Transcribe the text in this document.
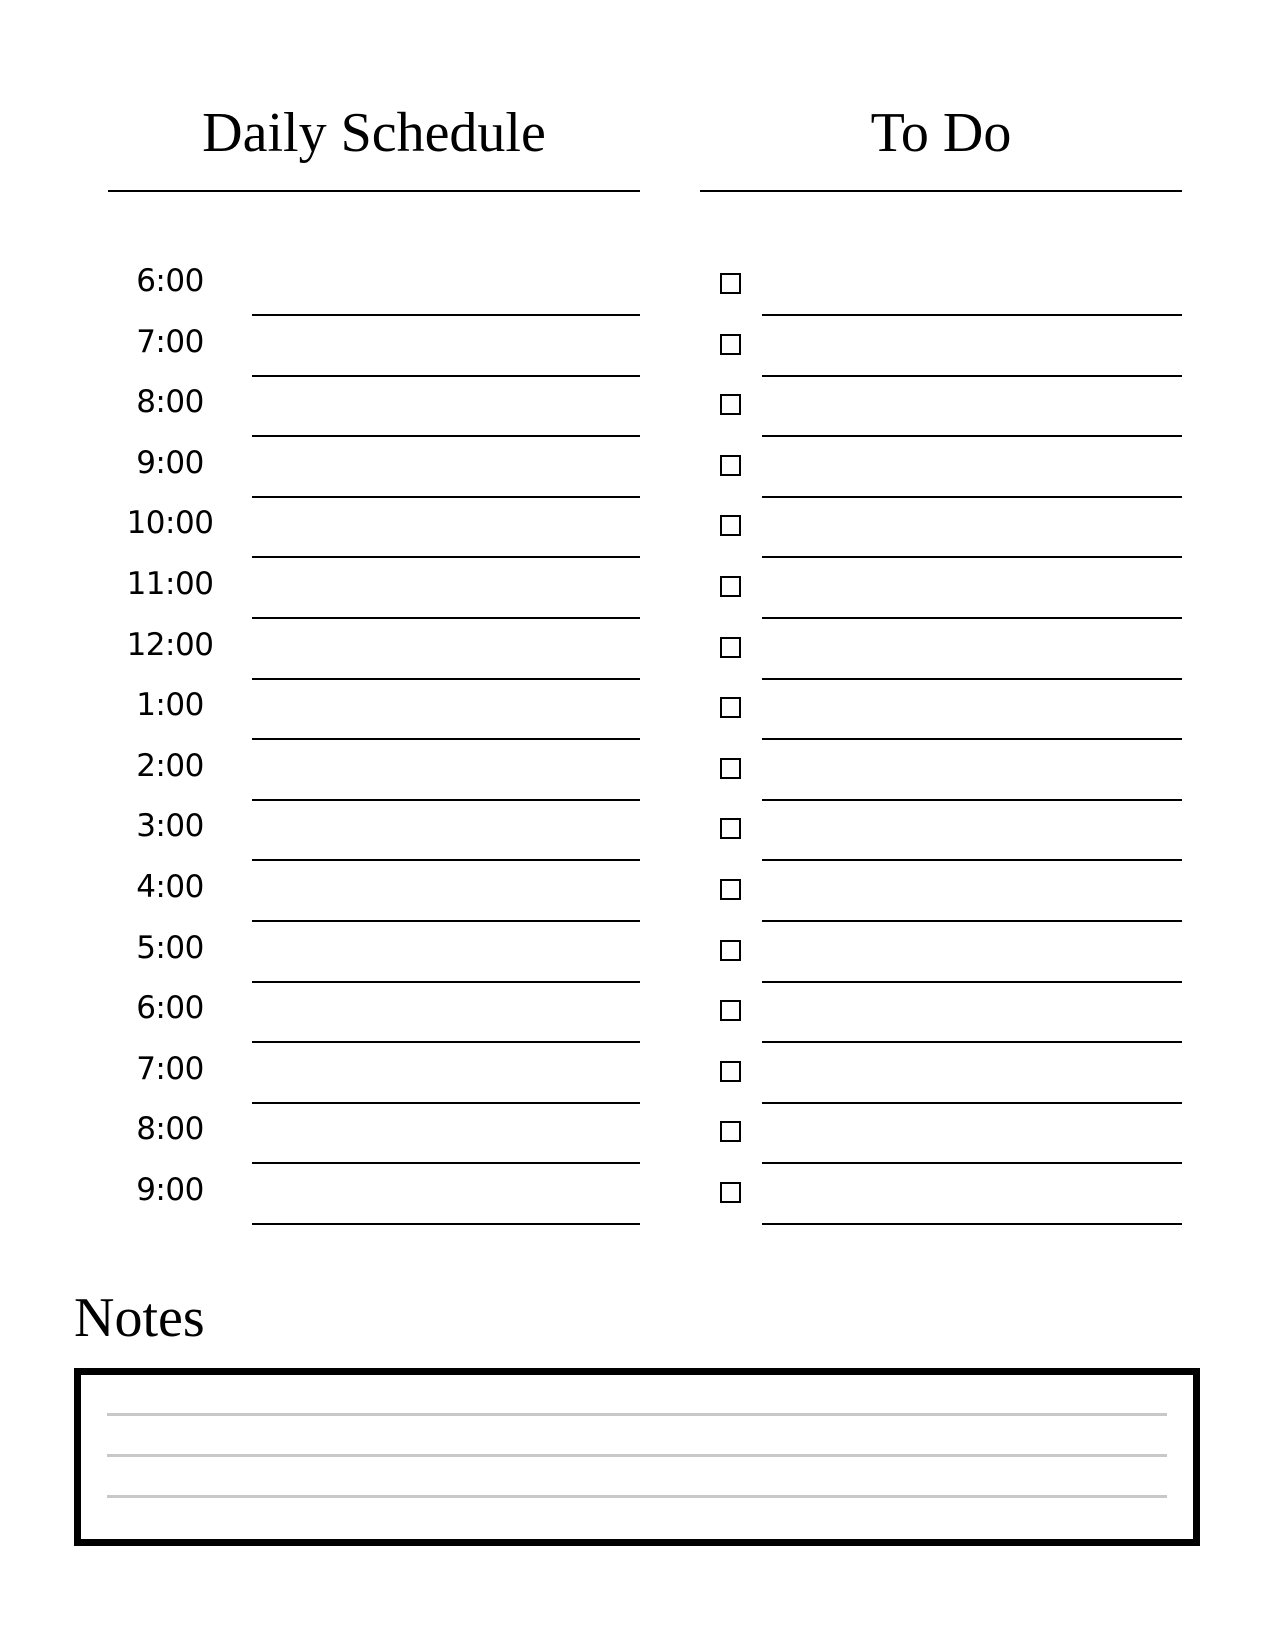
Daily Schedule	To Do
6:00
7:00
8:00
9:00
10:00
11:00
12:00
1:00
2:00
3:00
4:00
5:00
6:00
7:00
8:00
9:00
Notes
